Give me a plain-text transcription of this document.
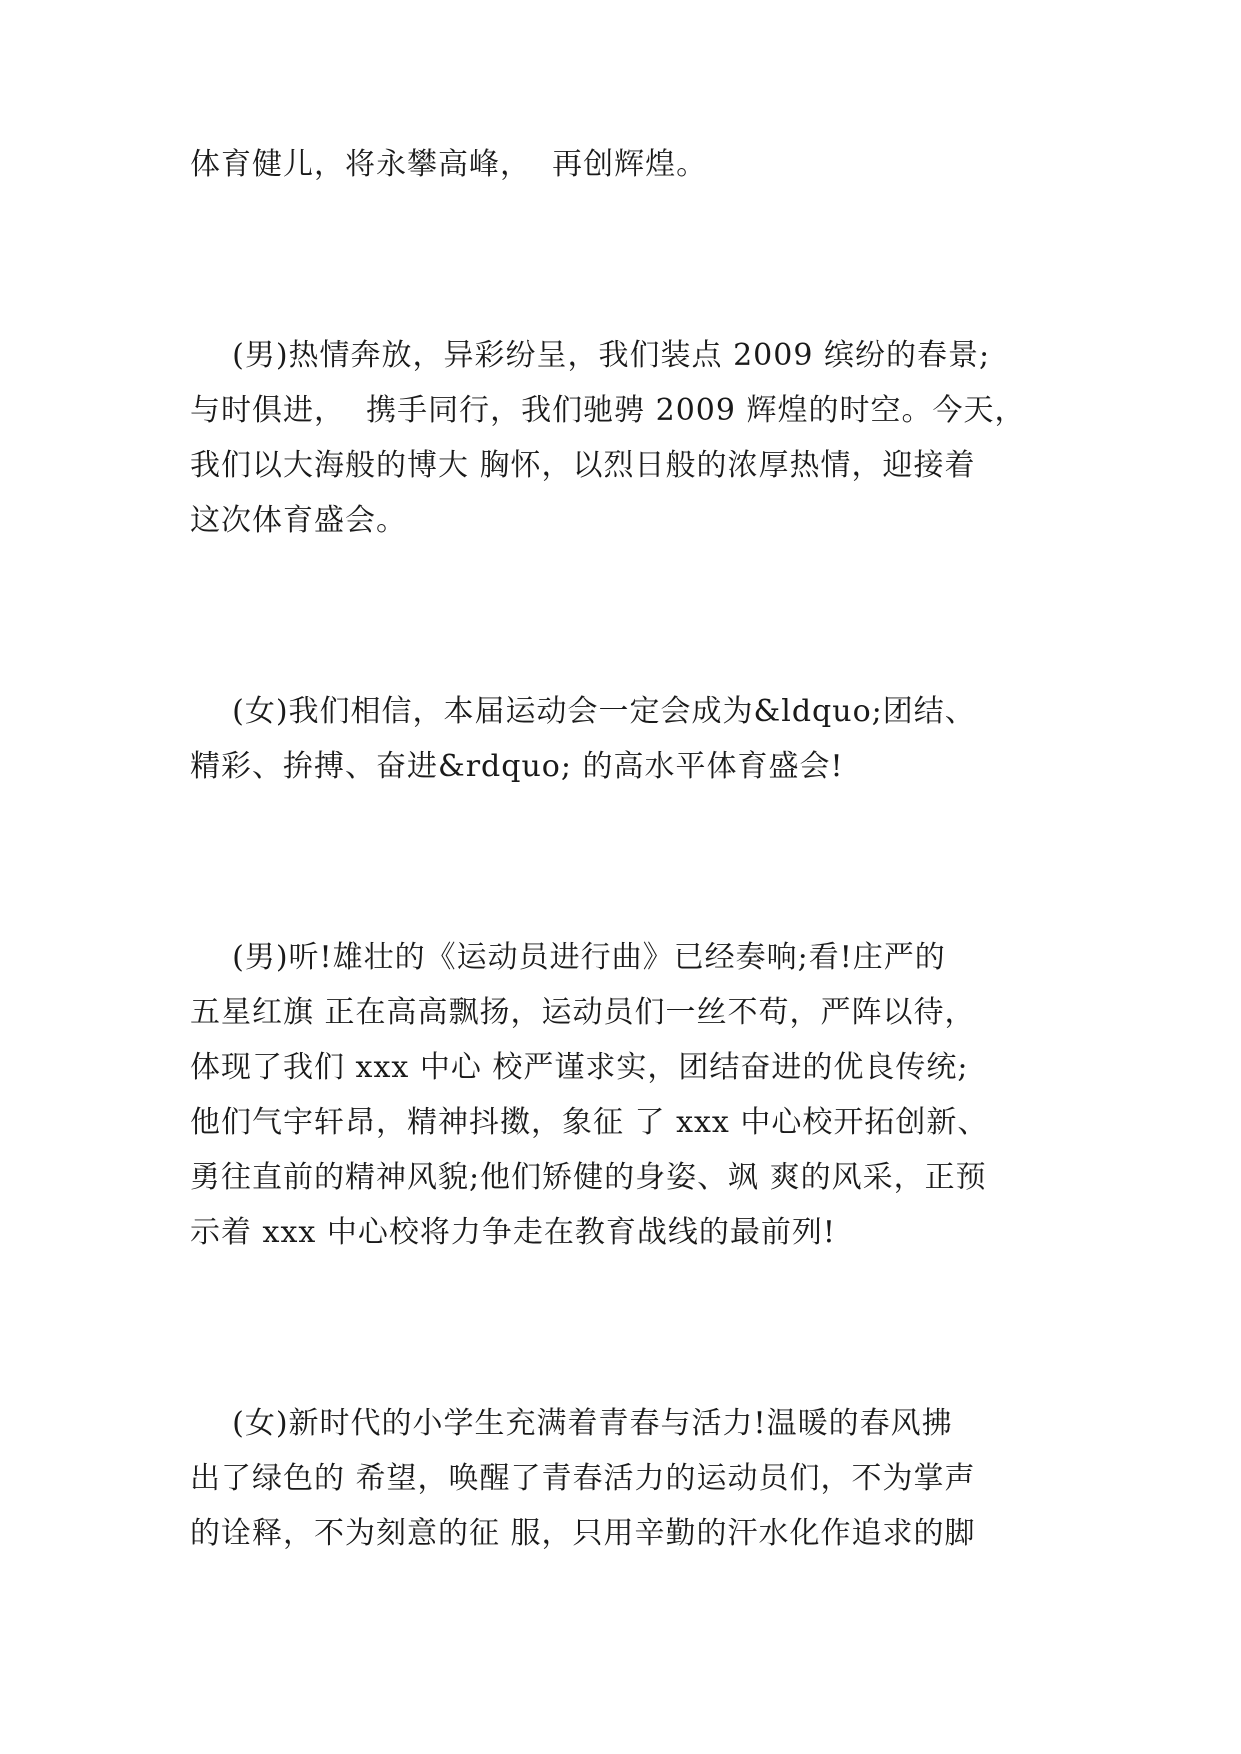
体育健儿，将永攀高峰，  再创辉煌。

(男)热情奔放，异彩纷呈，我们装点 2009 缤纷的春景;

与时俱进，  携手同行，我们驰骋 2009 辉煌的时空。今天，

我们以大海般的博大 胸怀，以烈日般的浓厚热情，迎接着

这次体育盛会。

(女)我们相信，本届运动会一定会成为&ldquo;团结、

精彩、拚搏、奋进&rdquo; 的高水平体育盛会!

(男)听!雄壮的《运动员进行曲》已经奏响;看!庄严的

五星红旗 正在高高飘扬，运动员们一丝不苟，严阵以待，

体现了我们 xxx 中心 校严谨求实，团结奋进的优良传统;

他们气宇轩昂，精神抖擞，象征 了 xxx 中心校开拓创新、

勇往直前的精神风貌;他们矫健的身姿、飒 爽的风采，正预

示着 xxx 中心校将力争走在教育战线的最前列!

(女)新时代的小学生充满着青春与活力!温暖的春风拂

出了绿色的 希望，唤醒了青春活力的运动员们，不为掌声

的诠释，不为刻意的征 服，只用辛勤的汗水化作追求的脚
